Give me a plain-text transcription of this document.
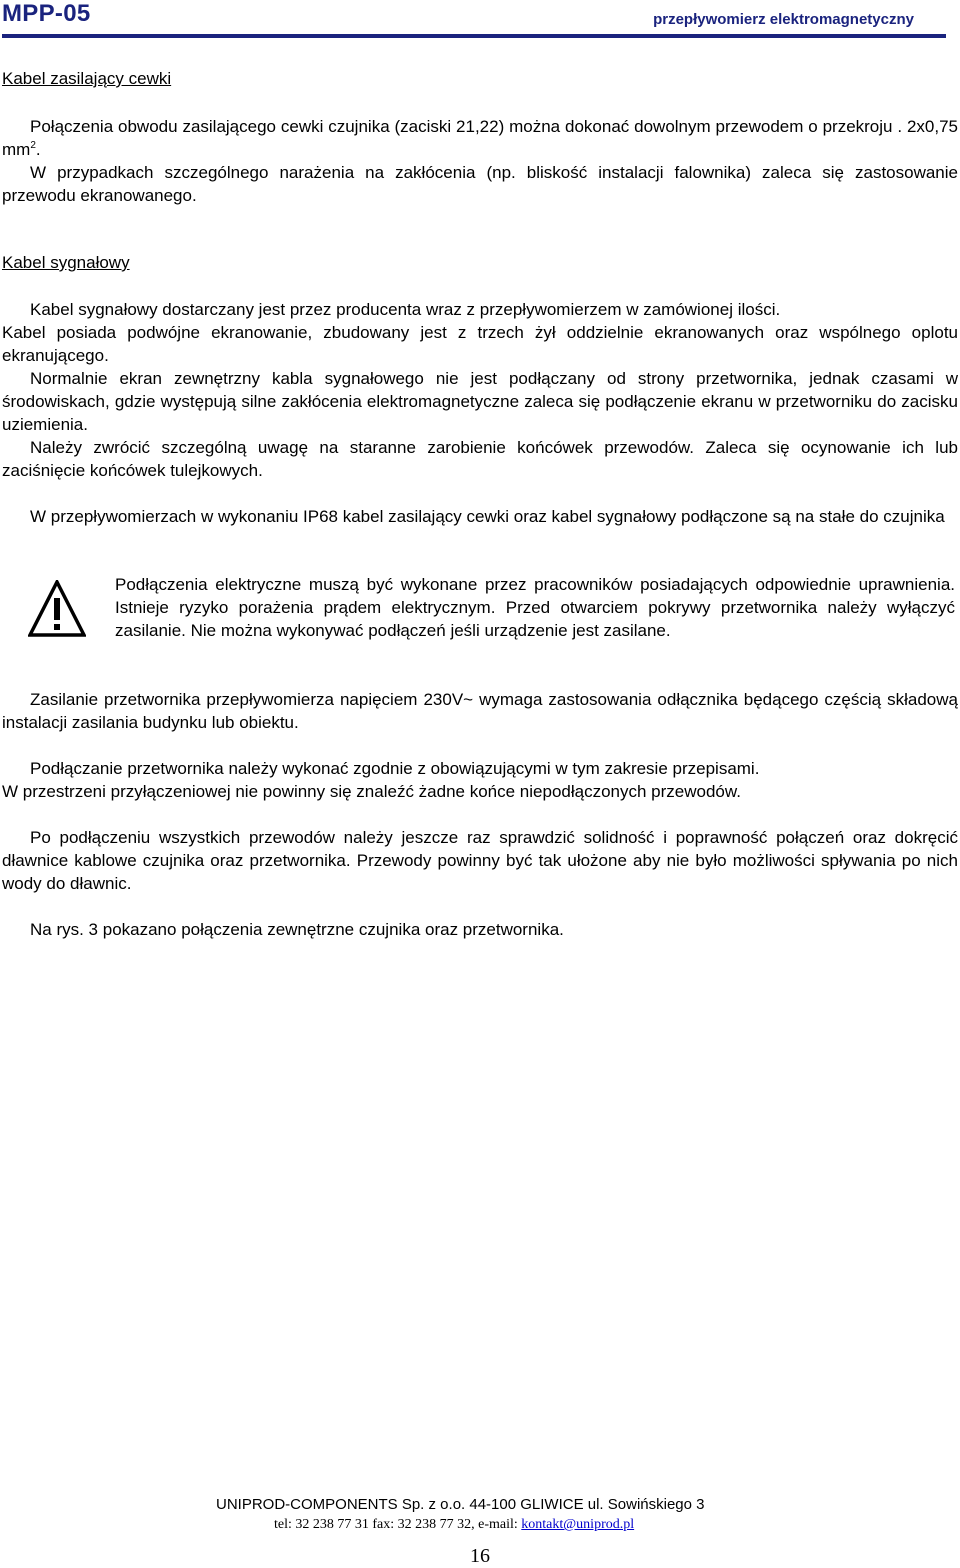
MPP-05	przepływomierz elektromagnetyczny
Kabel zasilający cewki

Połączenia obwodu zasilającego cewki czujnika (zaciski 21,22) można dokonać dowolnym przewodem o przekroju . 2x0,75 $mm^2$.

W przypadkach szczególnego narażenia na zakłócenia (np. bliskość instalacji falownika) zaleca się zastosowanie przewodu ekranowanego.

Kabel sygnałowy

Kabel sygnałowy dostarczany jest przez producenta wraz z przepływomierzem w zamówionej ilości.

Kabel posiada podwójne ekranowanie, zbudowany jest z trzech żył oddzielnie ekranowanych oraz wspólnego oplotu ekranującego.

Normalnie ekran zewnętrzny kabla sygnałowego nie jest podłączany od strony przetwornika, jednak czasami w środowiskach, gdzie występują silne zakłócenia elektromagnetyczne zaleca się podłączenie ekranu w przetworniku do zacisku uziemienia.

Należy zwrócić szczególną uwagę na staranne zarobienie końcówek przewodów. Zaleca się ocynowanie ich lub zaciśnięcie końcówek tulejkowych.

W przepływomierzach w wykonaniu IP68 kabel zasilający cewki oraz kabel sygnałowy podłączone są na stałe do czujnika

Podłączenia elektryczne muszą być wykonane przez pracowników posiadających odpowiednie uprawnienia. Istnieje ryzyko porażenia prądem elektrycznym. Przed otwarciem pokrywy przetwornika należy wyłączyć zasilanie. Nie można wykonywać podłączeń jeśli urządzenie jest zasilane.

Zasilanie przetwornika przepływomierza napięciem 230V~ wymaga zastosowania odłącznika będącego częścią składową instalacji zasilania budynku lub obiektu.

Podłączanie przetwornika należy wykonać zgodnie z obowiązującymi w tym zakresie przepisami.

W przestrzeni przyłączeniowej nie powinny się znaleźć żadne końce niepodłączonych przewodów.

Po podłączeniu wszystkich przewodów należy jeszcze raz sprawdzić solidność i poprawność połączeń oraz dokręcić dławnice kablowe czujnika oraz przetwornika. Przewody powinny być tak ułożone aby nie było możliwości spływania po nich wody do dławnic.

Na rys. 3 pokazano połączenia zewnętrzne czujnika oraz przetwornika.

UNIPROD-COMPONENTS Sp. z o.o. 44-100 GLIWICE ul. Sowińskiego 3
tel: 32 238 77 31 fax: 32 238 77 32, e-mail: kontakt@uniprod.pl
16
